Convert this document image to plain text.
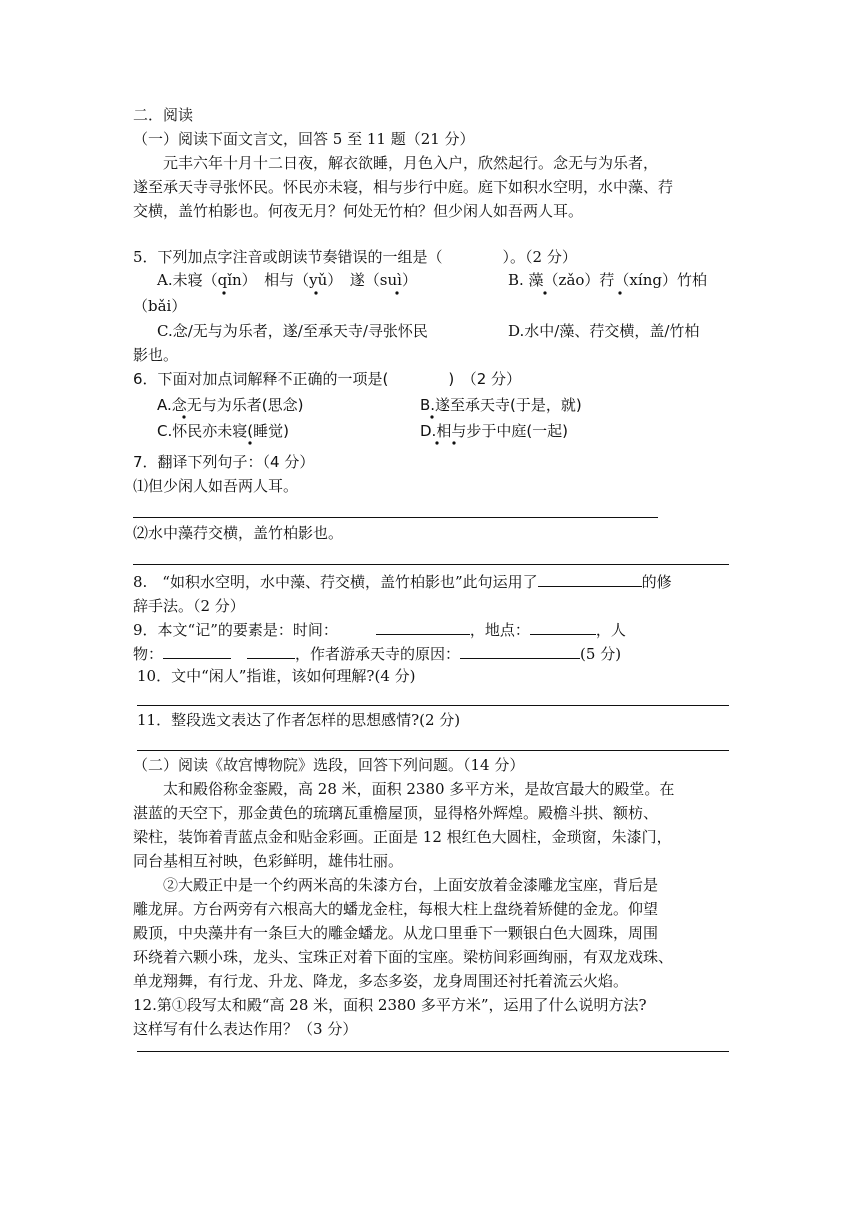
二．阅读
（一）阅读下面文言文，回答 5 至 11 题（21 分）
元丰六年十月十二日夜，解衣欲睡，月色入户，欣然起行。念无与为乐者，
遂至承天寺寻张怀民。怀民亦未寝，相与步行中庭。庭下如积水空明，水中藻、荇
交横，盖竹柏影也。何夜无月？何处无竹柏？但少闲人如吾两人耳。
5．下列加点字注音或朗读节奏错误的一组是（　　　　）。（2 分）
A.未寝（qǐn）　相与（yǔ）　遂（suì）	B. 藻（zǎo）荇（xíng）竹柏
（bǎi）
C.念/无与为乐者，遂/至承天寺/寻张怀民	D.水中/藻、荇交横，盖/竹柏
影也。
6．下面对加点词解释不正确的一项是(　　　　)　（2 分）
A.念无与为乐者(思念)	B.遂至承天寺(于是，就)
C.怀民亦未寝(睡觉)	D.相与步于中庭(一起)
7．翻译下列句子：（4 分）
⑴但少闲人如吾两人耳。
⑵水中藻荇交横，盖竹柏影也。
8.　“如积水空明，水中藻、荇交横，盖竹柏影也”此句运用了	的修
辞手法。（2 分）
9．本文“记”的要素是：时间：	，地点：	，人
物：	，作者游承天寺的原因：	(5 分)
10．文中“闲人”指谁，该如何理解?(4 分)
11．整段选文表达了作者怎样的思想感情?(2 分)
（二）阅读《故宫博物院》选段，回答下列问题。（14 分）
太和殿俗称金銮殿，高 28 米，面积 2380 多平方米，是故宫最大的殿堂。在
湛蓝的天空下，那金黄色的琉璃瓦重檐屋顶，显得格外辉煌。殿檐斗拱、额枋、
梁柱，装饰着青蓝点金和贴金彩画。正面是 12 根红色大圆柱，金琐窗，朱漆门，
同台基相互衬映，色彩鲜明，雄伟壮丽。
②大殿正中是一个约两米高的朱漆方台，上面安放着金漆雕龙宝座，背后是
雕龙屏。方台两旁有六根高大的蟠龙金柱，每根大柱上盘绕着矫健的金龙。仰望
殿顶，中央藻井有一条巨大的雕金蟠龙。从龙口里垂下一颗银白色大圆珠，周围
环绕着六颗小珠，龙头、宝珠正对着下面的宝座。梁枋间彩画绚丽，有双龙戏珠、
单龙翔舞，有行龙、升龙、降龙，多态多姿，龙身周围还衬托着流云火焰。
12.第①段写太和殿“高 28 米，面积 2380 多平方米”，运用了什么说明方法?
这样写有什么表达作用？（3 分）
